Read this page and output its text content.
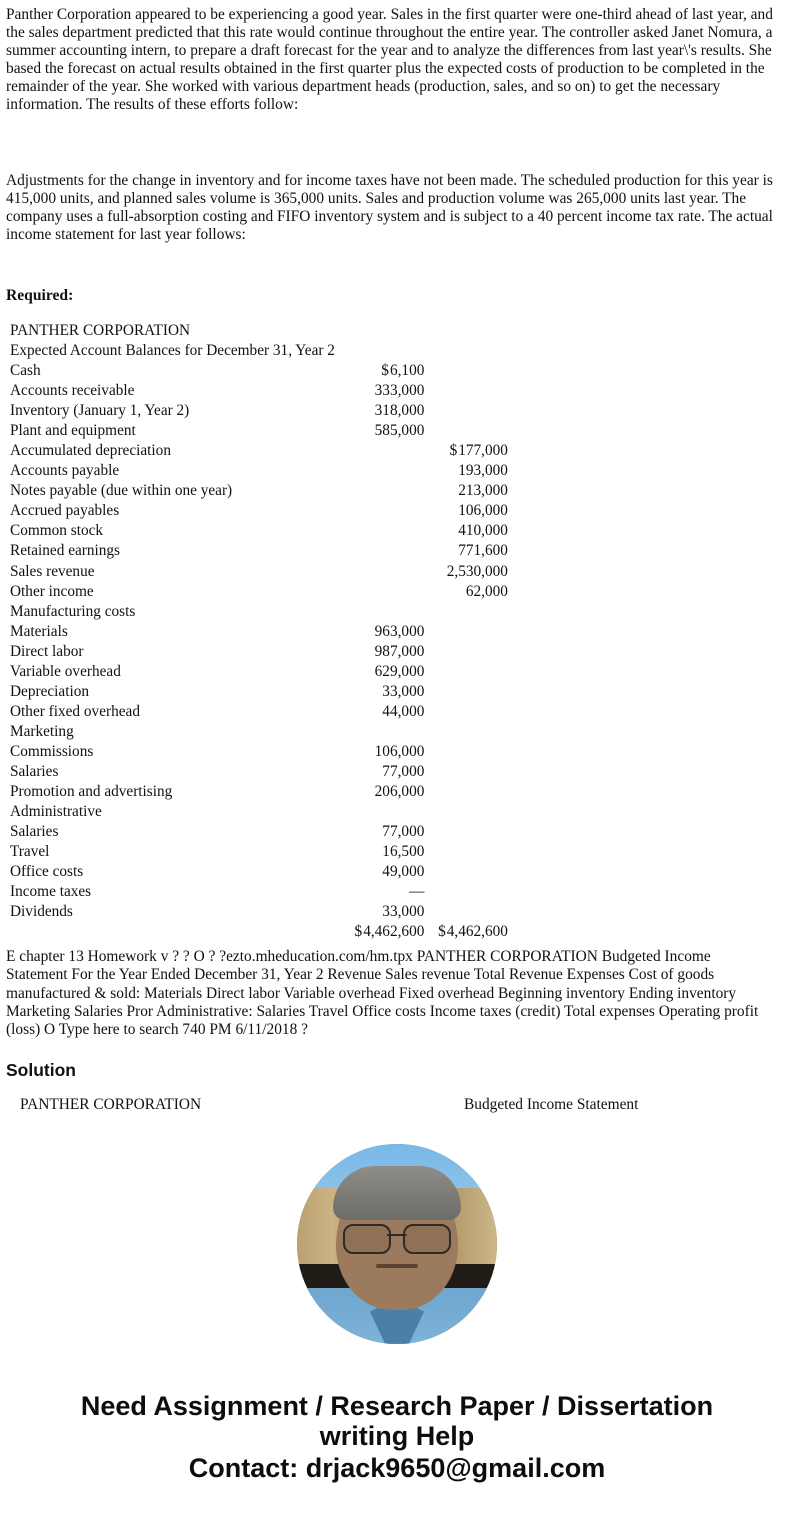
Panther Corporation appeared to be experiencing a good year. Sales in the first quarter were one-third ahead of last year, and the sales department predicted that this rate would continue throughout the entire year. The controller asked Janet Nomura, a summer accounting intern, to prepare a draft forecast for the year and to analyze the differences from last year\'s results. She based the forecast on actual results obtained in the first quarter plus the expected costs of production to be completed in the remainder of the year. She worked with various department heads (production, sales, and so on) to get the necessary information. The results of these efforts follow:

Adjustments for the change in inventory and for income taxes have not been made. The scheduled production for this year is 415,000 units, and planned sales volume is 365,000 units. Sales and production volume was 265,000 units last year. The company uses a full-absorption costing and FIFO inventory system and is subject to a 40 percent income tax rate. The actual income statement for last year follows:

Required:
PANTHER CORPORATION			
Expected Account Balances for December 31, Year 2			
Cash	$6,100		
Accounts receivable	333,000		
Inventory (January 1, Year 2)	318,000		
Plant and equipment	585,000		
Accumulated depreciation		$177,000	
Accounts payable		193,000	
Notes payable (due within one year)		213,000	
Accrued payables		106,000	
Common stock		410,000	
Retained earnings		771,600	
Sales revenue		2,530,000	
Other income		62,000	
Manufacturing costs			
Materials	963,000		
Direct labor	987,000		
Variable overhead	629,000		
Depreciation	33,000		
Other fixed overhead	44,000		
Marketing			
Commissions	106,000		
Salaries	77,000		
Promotion and advertising	206,000		
Administrative			
Salaries	77,000		
Travel	16,500		
Office costs	49,000		
Income taxes	—		
Dividends	33,000		
	$4,462,600	$4,462,600	

E chapter 13 Homework v ? ? O ? ?ezto.mheducation.com/hm.tpx PANTHER CORPORATION Budgeted Income Statement For the Year Ended December 31, Year 2 Revenue Sales revenue Total Revenue Expenses Cost of goods manufactured & sold: Materials Direct labor Variable overhead Fixed overhead Beginning inventory Ending inventory Marketing Salaries Pror Administrative: Salaries Travel Office costs Income taxes (credit) Total expenses Operating profit (loss) O Type here to search 740 PM 6/11/2018 ?

Solution
PANTHER CORPORATION	Budgeted Income Statement
Need Assignment / Research Paper / Dissertation
writing Help
Contact: drjack9650@gmail.com
